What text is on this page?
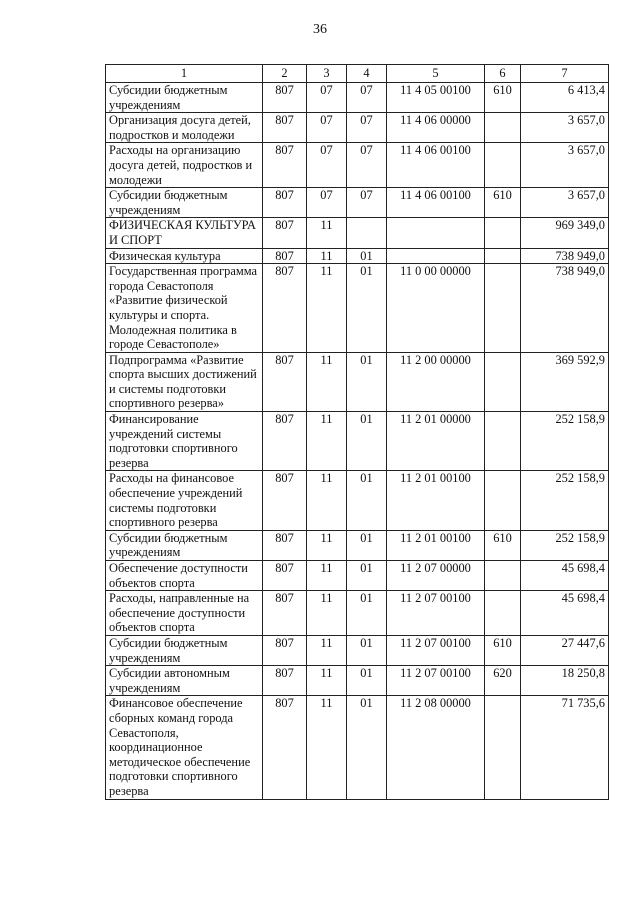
36
1	2	3	4	5	6	7
Субсидии бюджетным учреждениям	807	07	07	11 4 05 00100	610	6 413,4
Организация досуга детей, подростков и молодежи	807	07	07	11 4 06 00000		3 657,0
Расходы на организацию досуга детей, подростков и молодежи	807	07	07	11 4 06 00100		3 657,0
Субсидии бюджетным учреждениям	807	07	07	11 4 06 00100	610	3 657,0
ФИЗИЧЕСКАЯ КУЛЬТУРА И СПОРТ	807	11				969 349,0
Физическая культура	807	11	01			738 949,0
Государственная программа города Севастополя «Развитие физической культуры и спорта. Молодежная политика в городе Севастополе»	807	11	01	11 0 00 00000		738 949,0
Подпрограмма «Развитие спорта высших достижений и системы подготовки спортивного резерва»	807	11	01	11 2 00 00000		369 592,9
Финансирование учреждений системы подготовки спортивного резерва	807	11	01	11 2 01 00000		252 158,9
Расходы на финансовое обеспечение учреждений системы подготовки спортивного резерва	807	11	01	11 2 01 00100		252 158,9
Субсидии бюджетным учреждениям	807	11	01	11 2 01 00100	610	252 158,9
Обеспечение доступности объектов спорта	807	11	01	11 2 07 00000		45 698,4
Расходы, направленные на обеспечение доступности объектов спорта	807	11	01	11 2 07 00100		45 698,4
Субсидии бюджетным учреждениям	807	11	01	11 2 07 00100	610	27 447,6
Субсидии автономным учреждениям	807	11	01	11 2 07 00100	620	18 250,8
Финансовое обеспечение сборных команд города Севастополя, координационное методическое обеспечение подготовки спортивного резерва	807	11	01	11 2 08 00000		71 735,6
